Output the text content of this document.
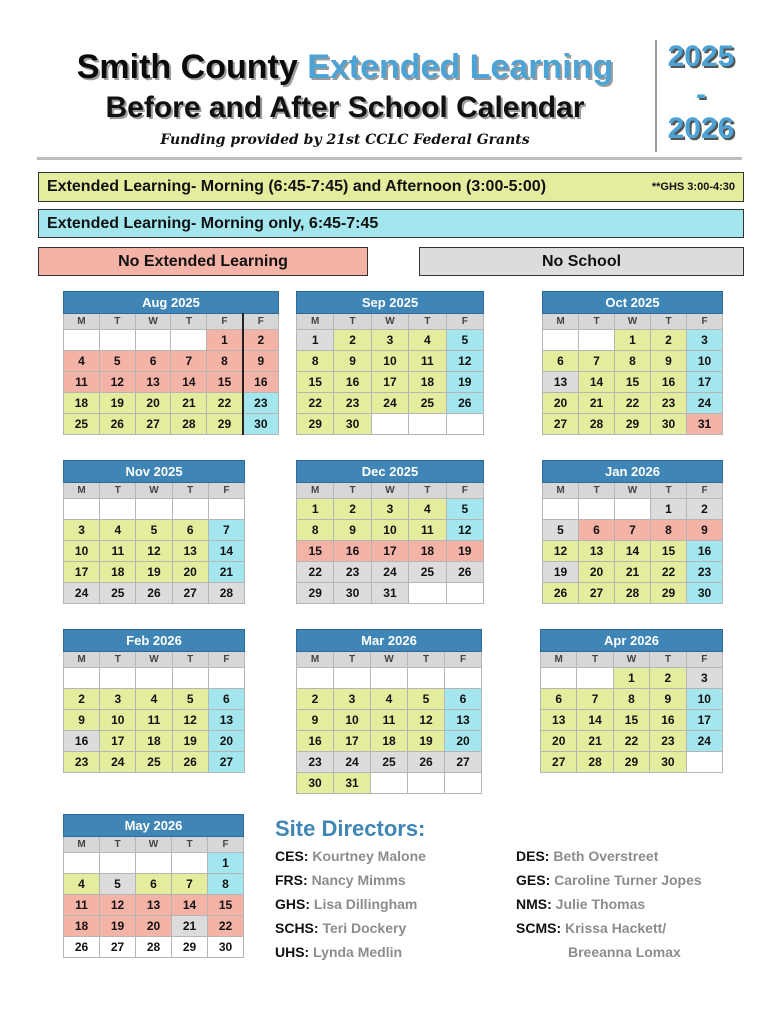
Smith County Extended Learning
Before and After School Calendar
Funding provided by 21st CCLC Federal Grants
2025
-
2026
Extended Learning- Morning (6:45-7:45) and Afternoon (3:00-5:00)	**GHS 3:00-4:30
Extended Learning- Morning only, 6:45-7:45
No Extended Learning	No School
Aug 2025					
M	T	W	T	F	F
				1	2
4	5	6	7	8	9
11	12	13	14	15	16
18	19	20	21	22	23
25	26	27	28	29	30
Sep 2025				
M	T	W	T	F
1	2	3	4	5
8	9	10	11	12
15	16	17	18	19
22	23	24	25	26
29	30			
Oct 2025				
M	T	W	T	F
		1	2	3
6	7	8	9	10
13	14	15	16	17
20	21	22	23	24
27	28	29	30	31
Nov 2025				
M	T	W	T	F

3	4	5	6	7
10	11	12	13	14
17	18	19	20	21
24	25	26	27	28
Dec 2025				
M	T	W	T	F
1	2	3	4	5
8	9	10	11	12
15	16	17	18	19
22	23	24	25	26
29	30	31		
Jan 2026				
M	T	W	T	F
			1	2
5	6	7	8	9
12	13	14	15	16
19	20	21	22	23
26	27	28	29	30
Feb 2026				
M	T	W	T	F

2	3	4	5	6
9	10	11	12	13
16	17	18	19	20
23	24	25	26	27
Mar 2026				
M	T	W	T	F

2	3	4	5	6
9	10	11	12	13
16	17	18	19	20
23	24	25	26	27
30	31			
Apr 2026				
M	T	W	T	F
		1	2	3
6	7	8	9	10
13	14	15	16	17
20	21	22	23	24
27	28	29	30	
May 2026				
M	T	W	T	F
				1
4	5	6	7	8
11	12	13	14	15
18	19	20	21	22
26	27	28	29	30
Site Directors:
CES: Kourtney Malone
FRS: Nancy Mimms
GHS: Lisa Dillingham
SCHS: Teri Dockery
UHS: Lynda Medlin
DES: Beth Overstreet
GES: Caroline Turner Jopes
NMS: Julie Thomas
SCMS: Krissa Hackett/
Breeanna Lomax
